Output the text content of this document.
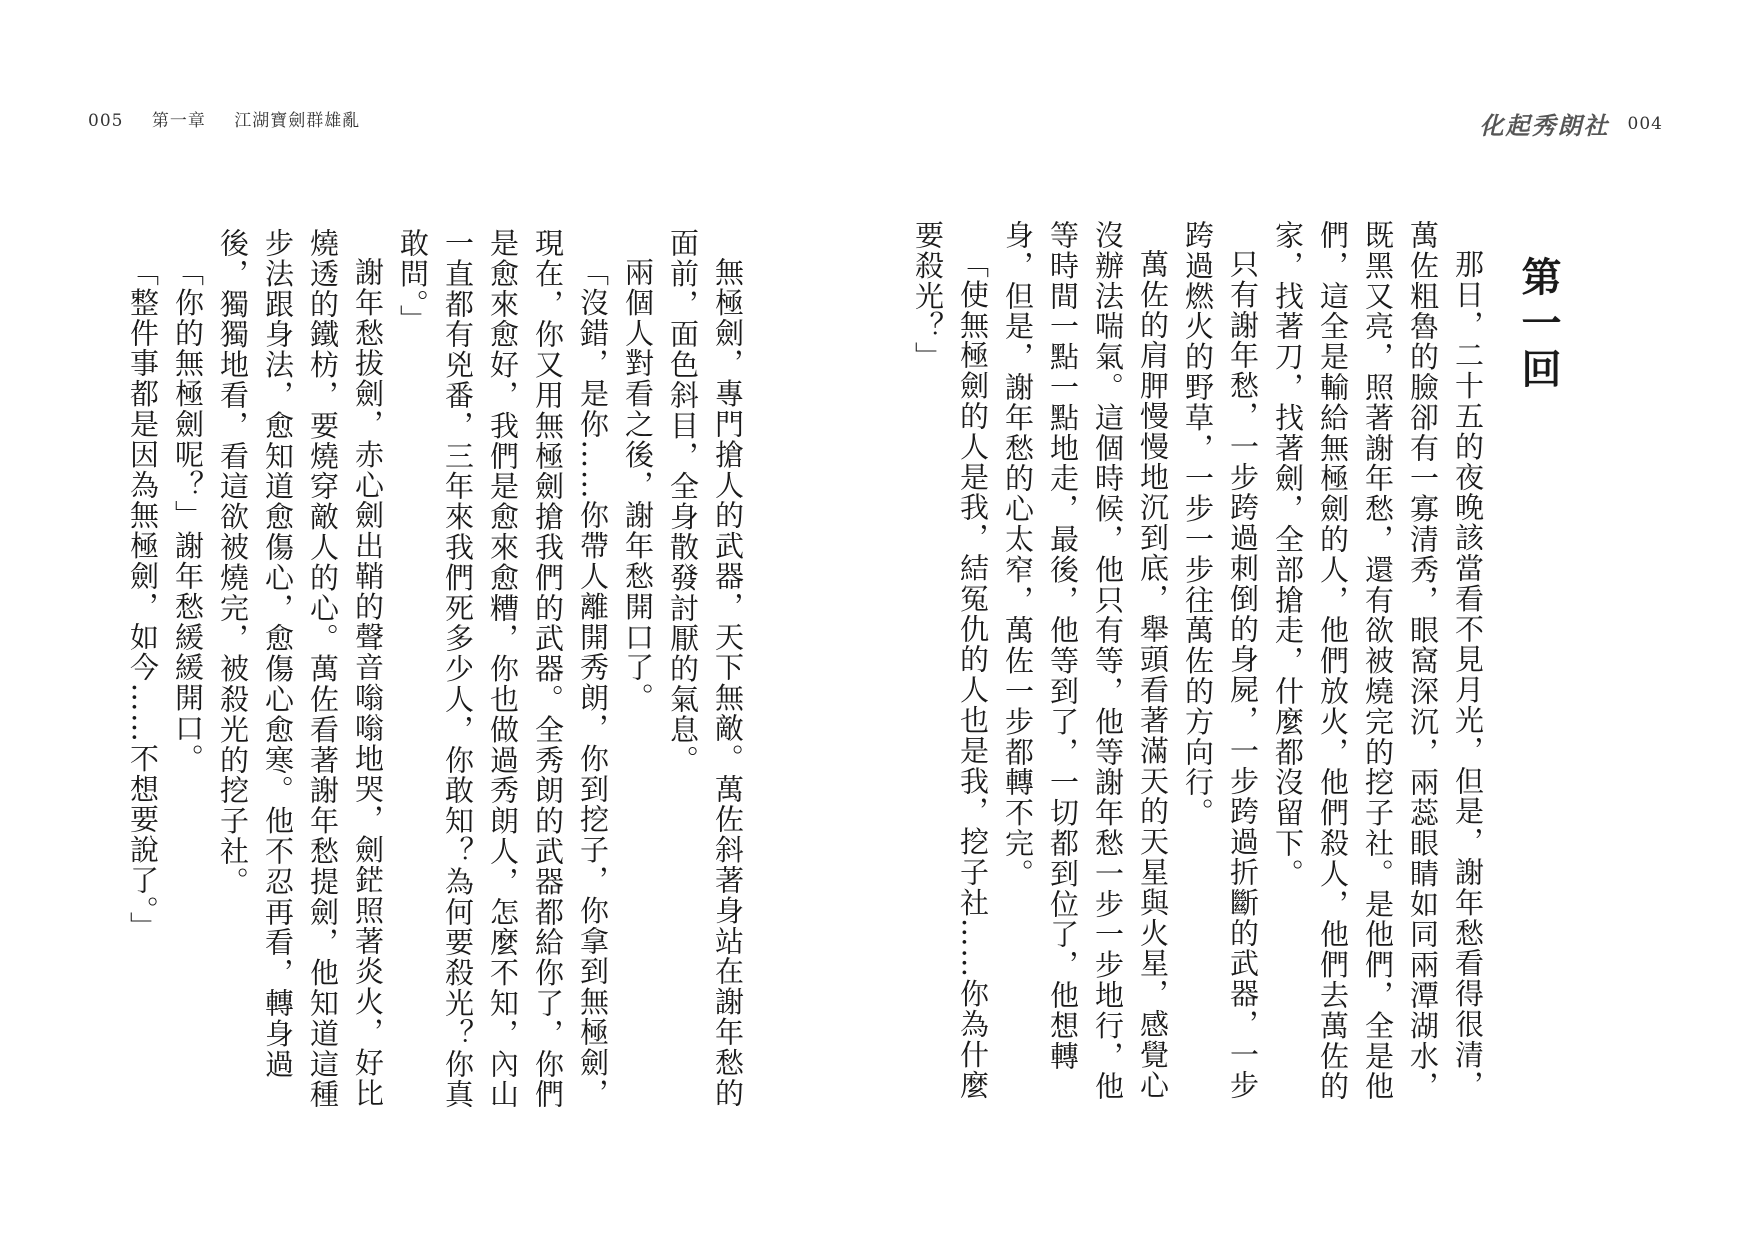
005 第一章 江湖寶劍群雄亂	化起秀朗社 004

第一回

那日，二十五的夜晚該當看不見月光，但是，謝年愁看得很清，萬佐粗魯的臉卻有一寡清秀，眼窩深沉，兩蕊眼睛如同兩潭湖水，既黑又亮，照著謝年愁，還有欲被燒完的挖子社。是他們，全是他們，這全是輸給無極劍的人，他們放火，他們殺人，他們去萬佐的家，找著刀，找著劍，全部搶走，什麼都沒留下。

只有謝年愁，一步跨過刺倒的身屍，一步跨過折斷的武器，一步跨過燃火的野草，一步一步往萬佐的方向行。

萬佐的肩胛慢慢地沉到底，舉頭看著滿天的天星與火星，感覺心沒辦法喘氣。這個時候，他只有等，他等謝年愁一步一步地行，他等時間一點一點地走，最後，他等到了，一切都到位了，他想轉身，但是，謝年愁的心太窄，萬佐一步都轉不完。

「使無極劍的人是我，結冤仇的人也是我，挖子社……你為什麼要殺光？」

無極劍，專門搶人的武器，天下無敵。萬佐斜著身站在謝年愁的面前，面色斜目，全身散發討厭的氣息。

兩個人對看之後，謝年愁開口了。

「沒錯，是你……你帶人離開秀朗，你到挖子，你拿到無極劍，現在，你又用無極劍搶我們的武器。全秀朗的武器都給你了，你們是愈來愈好，我們是愈來愈糟，你也做過秀朗人，怎麼不知，內山一直都有兇番，三年來我們死多少人，你敢知？為何要殺光？你真敢問。」

謝年愁拔劍，赤心劍出鞘的聲音嗡嗡地哭，劍鋩照著炎火，好比燒透的鐵枋，要燒穿敵人的心。萬佐看著謝年愁提劍，他知道這種步法跟身法，愈知道愈傷心，愈傷心愈寒。他不忍再看，轉身過後，獨獨地看，看這欲被燒完，被殺光的挖子社。

「你的無極劍呢？」謝年愁緩緩開口。

「整件事都是因為無極劍，如今……不想要說了。」
